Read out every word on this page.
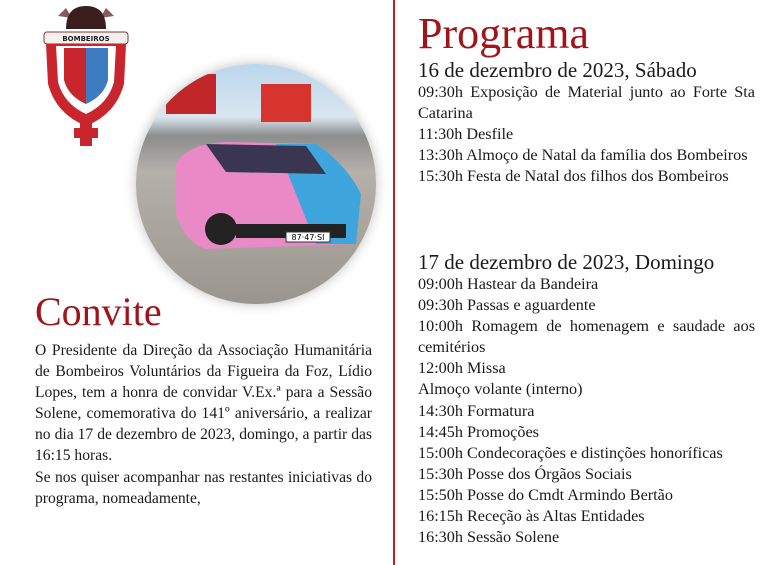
BOMBEIROS
87·47·SI
Convite

O Presidente da Direção da Associação Humanitária de Bombeiros Voluntários da Figueira da Foz, Lídio Lopes, tem a honra de convidar V.Ex.ª para a Sessão Solene, comemorativa do 141º aniversário, a realizar no dia 17 de dezembro de 2023, domingo, a partir das 16:15 horas.

Se nos quiser acompanhar nas restantes iniciativas do programa, nomeadamente,

Programa
16 de dezembro de 2023, Sábado
09:30h Exposição de Material junto ao Forte Sta Catarina
11:30h Desfile
13:30h Almoço de Natal da família dos Bombeiros
15:30h Festa de Natal dos filhos dos Bombeiros
17 de dezembro de 2023, Domingo
09:00h Hastear da Bandeira
09:30h Passas e aguardente
10:00h Romagem de homenagem e saudade aos cemitérios
12:00h Missa
Almoço volante (interno)
14:30h Formatura
14:45h Promoções
15:00h Condecorações e distinções honoríficas
15:30h Posse dos Órgãos Sociais
15:50h Posse do Cmdt Armindo Bertão
16:15h Receção às Altas Entidades
16:30h Sessão Solene
